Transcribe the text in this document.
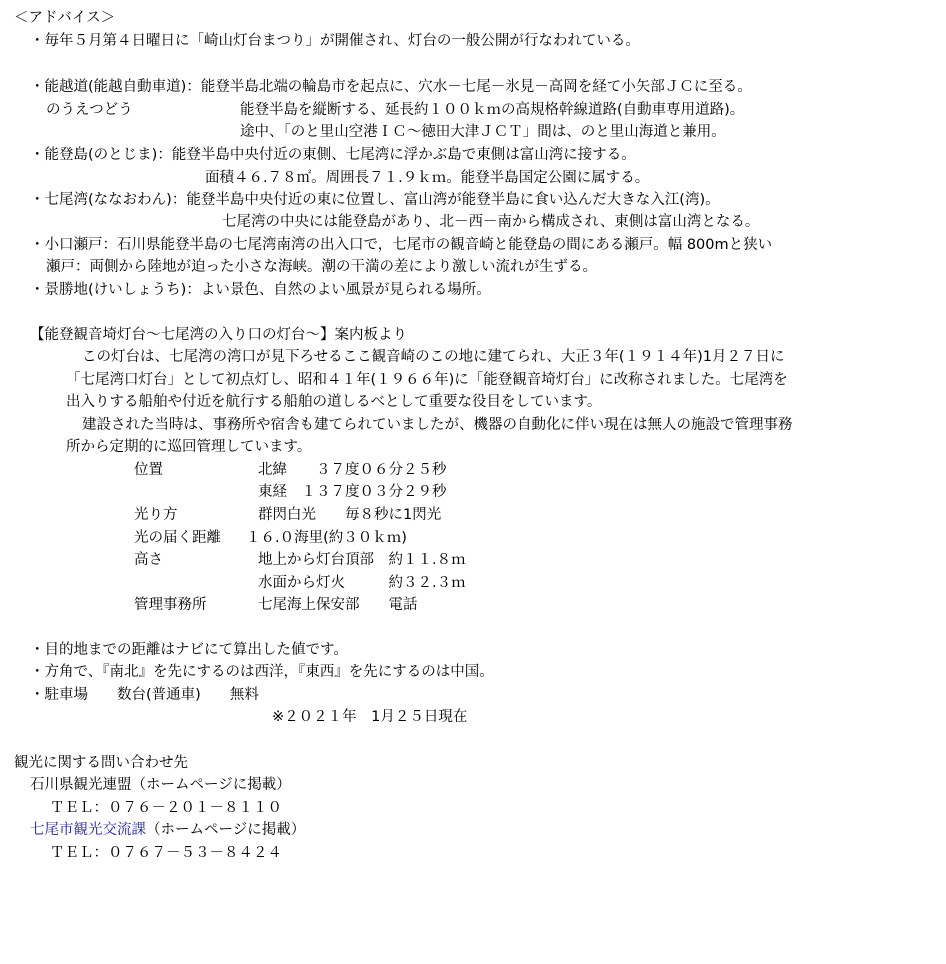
＜アドバイス＞
・毎年５月第４日曜日に「崎山灯台まつり」が開催され、灯台の一般公開が行なわれている。
・能越道(能越自動車道)：能登半島北端の輪島市を起点に、穴水－七尾－氷見－高岡を経て小矢部ＪＣに至る。
のうえつどう	能登半島を縦断する、延長約１００ｋｍの高規格幹線道路(自動車専用道路)。
途中、「のと里山空港ＩＣ～徳田大津ＪＣＴ」間は、のと里山海道と兼用。
・能登島(のとじま)：能登半島中央付近の東側、七尾湾に浮かぶ島で東側は富山湾に接する。
面積４６.７８㎡。周囲長７１.９ｋｍ。能登半島国定公園に属する。
・七尾湾(ななおわん)：能登半島中央付近の東に位置し、富山湾が能登半島に食い込んだ大きな入江(湾)。
七尾湾の中央には能登島があり、北－西－南から構成され、東側は富山湾となる。
・小口瀬戸：石川県能登半島の七尾湾南湾の出入口で，七尾市の観音崎と能登島の間にある瀬戸。幅 800mと狭い
瀬戸：両側から陸地が迫った小さな海峡。潮の干満の差により激しい流れが生ずる。
・景勝地(けいしょうち)：よい景色、自然のよい風景が見られる場所。
【能登観音埼灯台～七尾湾の入り口の灯台～】案内板より
この灯台は、七尾湾の湾口が見下ろせるここ観音崎のこの地に建てられ、大正３年(１９１４年)1月２７日に
「七尾湾口灯台」として初点灯し、昭和４１年(１９６６年)に「能登観音埼灯台」に改称されました。七尾湾を
出入りする船舶や付近を航行する船舶の道しるべとして重要な役目をしています。
建設された当時は、事務所や宿舎も建てられていましたが、機器の自動化に伴い現在は無人の施設で管理事務
所から定期的に巡回管理しています。
位置	北緯　　３７度０６分２５秒
東経　１３７度０３分２９秒
光り方	群閃白光　　毎８秒に1閃光
光の届く距離 １６.０海里(約３０ｋｍ)
高さ	地上から灯台頂部　約１１.８ｍ
水面から灯火　　　約３２.３ｍ
管理事務所	七尾海上保安部　　電話
・目的地までの距離はナビにて算出した値です。
・方角で、『南北』を先にするのは西洋，『東西』を先にするのは中国。
・駐車場　　数台(普通車)　　無料
※２０２１年　1月２５日現在
観光に関する問い合わせ先
石川県観光連盟（ホームページに掲載）
ＴＥＬ：０７６－２０１－８１１０
七尾市観光交流課（ホームページに掲載）
ＴＥＬ：０７６７－５３－８４２４
